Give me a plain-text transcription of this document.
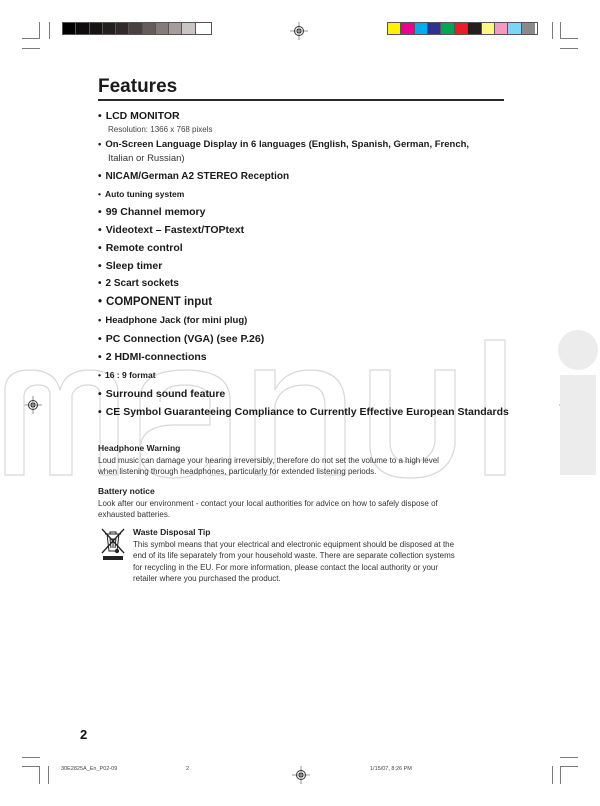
Features
• LCD MONITOR
Resolution: 1366 x 768 pixels
• On-Screen Language Display in 6 languages (English, Spanish, German, French,
Italian or Russian)
• NICAM/German A2 STEREO Reception
• Auto tuning system
• 99 Channel memory
• Videotext – Fastext/TOPtext
• Remote control
• Sleep timer
• 2 Scart sockets
• COMPONENT input
• Headphone Jack (for mini plug)
• PC Connection (VGA) (see P.26)
• 2 HDMI-connections
• 16 : 9 format
• Surround sound feature
• CE Symbol Guaranteeing Compliance to Currently Effective European Standards
Headphone Warning

Loud music can damage your hearing irreversibly, therefore do not set the volume to a high level when listening through headphones, particularly for extended listening periods.

Battery notice

Look after our environment - contact your local authorities for advice on how to safely dispose of exhausted batteries.

Waste Disposal Tip

This symbol means that your electrical and electronic equipment should be disposed at the end of its life separately from your household waste. There are separate collection systems for recycling in the EU. For more information, please contact the local authority or your retailer where you purchased the product.

2
30E2825A_En_P02-09	2	1/15/07, 8:26 PM
